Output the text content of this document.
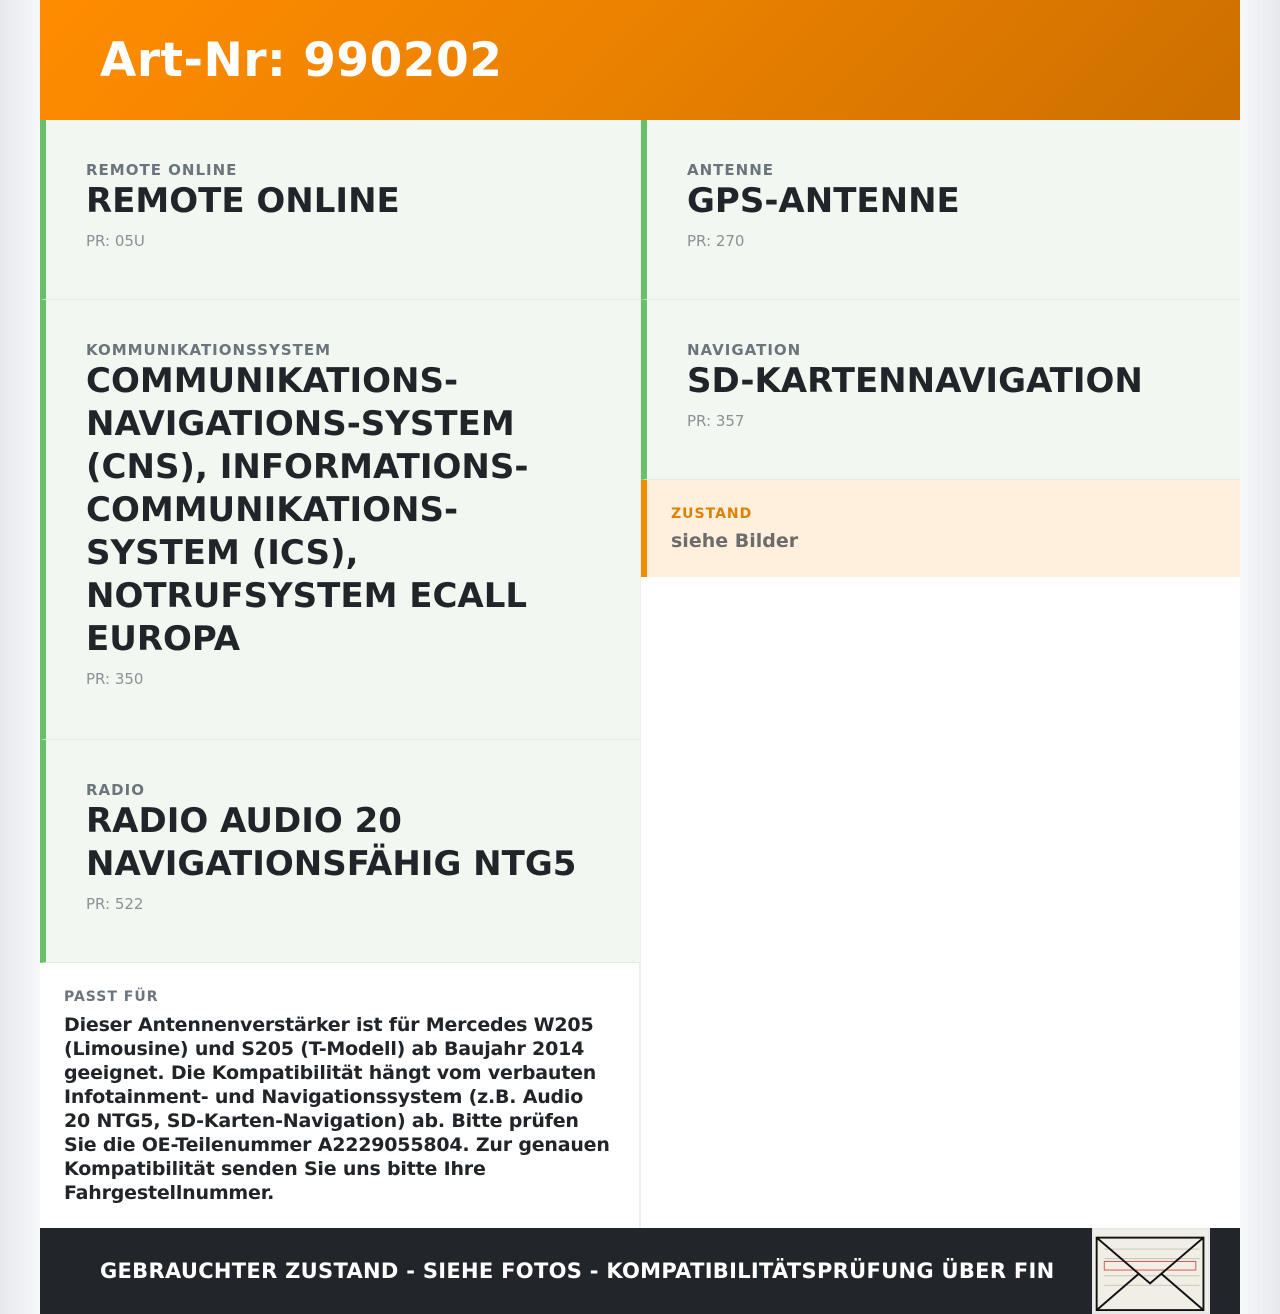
Art-Nr: 990202
REMOTE ONLINE
REMOTE ONLINE
PR: 05U
KOMMUNIKATIONSSYSTEM
COMMUNIKATIONS-NAVIGATIONS-SYSTEM (CNS), INFORMATIONS-COMMUNIKATIONS-SYSTEM (ICS), NOTRUFSYSTEM ECALL EUROPA
PR: 350
RADIO
RADIO AUDIO 20 NAVIGATIONSFÄHIG NTG5
PR: 522
PASST FÜR
Dieser Antennenverstärker ist für Mercedes W205 (Limousine) und S205 (T-Modell) ab Baujahr 2014 geeignet. Die Kompatibilität hängt vom verbauten Infotainment- und Navigationssystem (z.B. Audio 20 NTG5, SD-Karten-Navigation) ab. Bitte prüfen Sie die OE-Teilenummer A2229055804. Zur genauen Kompatibilität senden Sie uns bitte Ihre Fahrgestellnummer.
ANTENNE
GPS-ANTENNE
PR: 270
NAVIGATION
SD-KARTENNAVIGATION
PR: 357
ZUSTAND
siehe Bilder
GEBRAUCHTER ZUSTAND - SIEHE FOTOS - KOMPATIBILITÄTSPRÜFUNG ÜBER FIN
